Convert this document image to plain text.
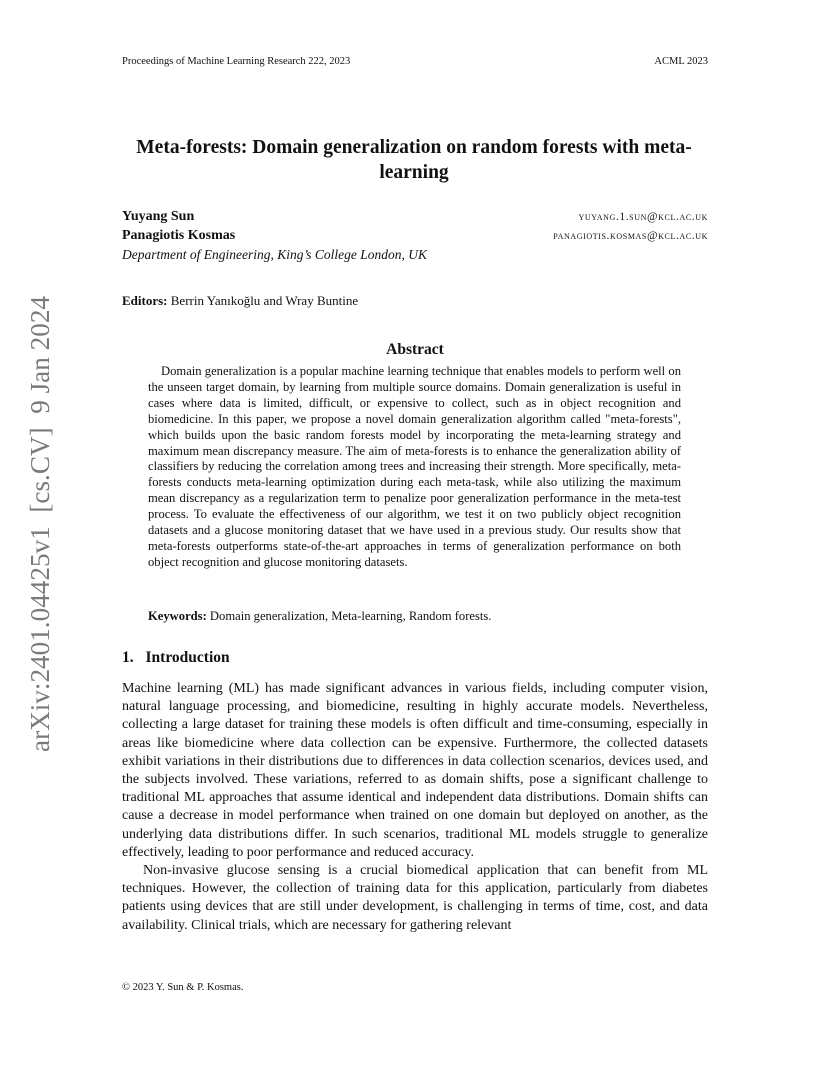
Proceedings of Machine Learning Research 222, 2023	ACML 2023
arXiv:2401.04425v1  [cs.CV]  9 Jan 2024
Meta-forests: Domain generalization on random forests with meta-learning
Yuyang Sun	yuyang.1.sun@kcl.ac.uk
Panagiotis Kosmas	panagiotis.kosmas@kcl.ac.uk
Department of Engineering, King’s College London, UK
Editors: Berrin Yanıkoğlu and Wray Buntine
Abstract

Domain generalization is a popular machine learning technique that enables models to perform well on the unseen target domain, by learning from multiple source domains. Domain generalization is useful in cases where data is limited, difficult, or expensive to collect, such as in object recognition and biomedicine. In this paper, we propose a novel domain generalization algorithm called "meta-forests", which builds upon the basic random forests model by incorporating the meta-learning strategy and maximum mean discrepancy measure. The aim of meta-forests is to enhance the generalization ability of classifiers by reducing the correlation among trees and increasing their strength. More specifically, meta-forests conducts meta-learning optimization during each meta-task, while also utilizing the maximum mean discrepancy as a regularization term to penalize poor generalization performance in the meta-test process. To evaluate the effectiveness of our algorithm, we test it on two publicly object recognition datasets and a glucose monitoring dataset that we have used in a previous study. Our results show that meta-forests outperforms state-of-the-art approaches in terms of generalization performance on both object recognition and glucose monitoring datasets.

Keywords: Domain generalization, Meta-learning, Random forests.
1. Introduction

Machine learning (ML) has made significant advances in various fields, including computer vision, natural language processing, and biomedicine, resulting in highly accurate models. Nevertheless, collecting a large dataset for training these models is often difficult and time-consuming, especially in areas like biomedicine where data collection can be expensive. Furthermore, the collected datasets exhibit variations in their distributions due to differences in data collection scenarios, devices used, and the subjects involved. These variations, referred to as domain shifts, pose a significant challenge to traditional ML approaches that assume identical and independent data distributions. Domain shifts can cause a decrease in model performance when trained on one domain but deployed on another, as the underlying data distributions differ. In such scenarios, traditional ML models struggle to generalize effectively, leading to poor performance and reduced accuracy.

Non-invasive glucose sensing is a crucial biomedical application that can benefit from ML techniques. However, the collection of training data for this application, particularly from diabetes patients using devices that are still under development, is challenging in terms of time, cost, and data availability. Clinical trials, which are necessary for gathering relevant

© 2023 Y. Sun & P. Kosmas.
